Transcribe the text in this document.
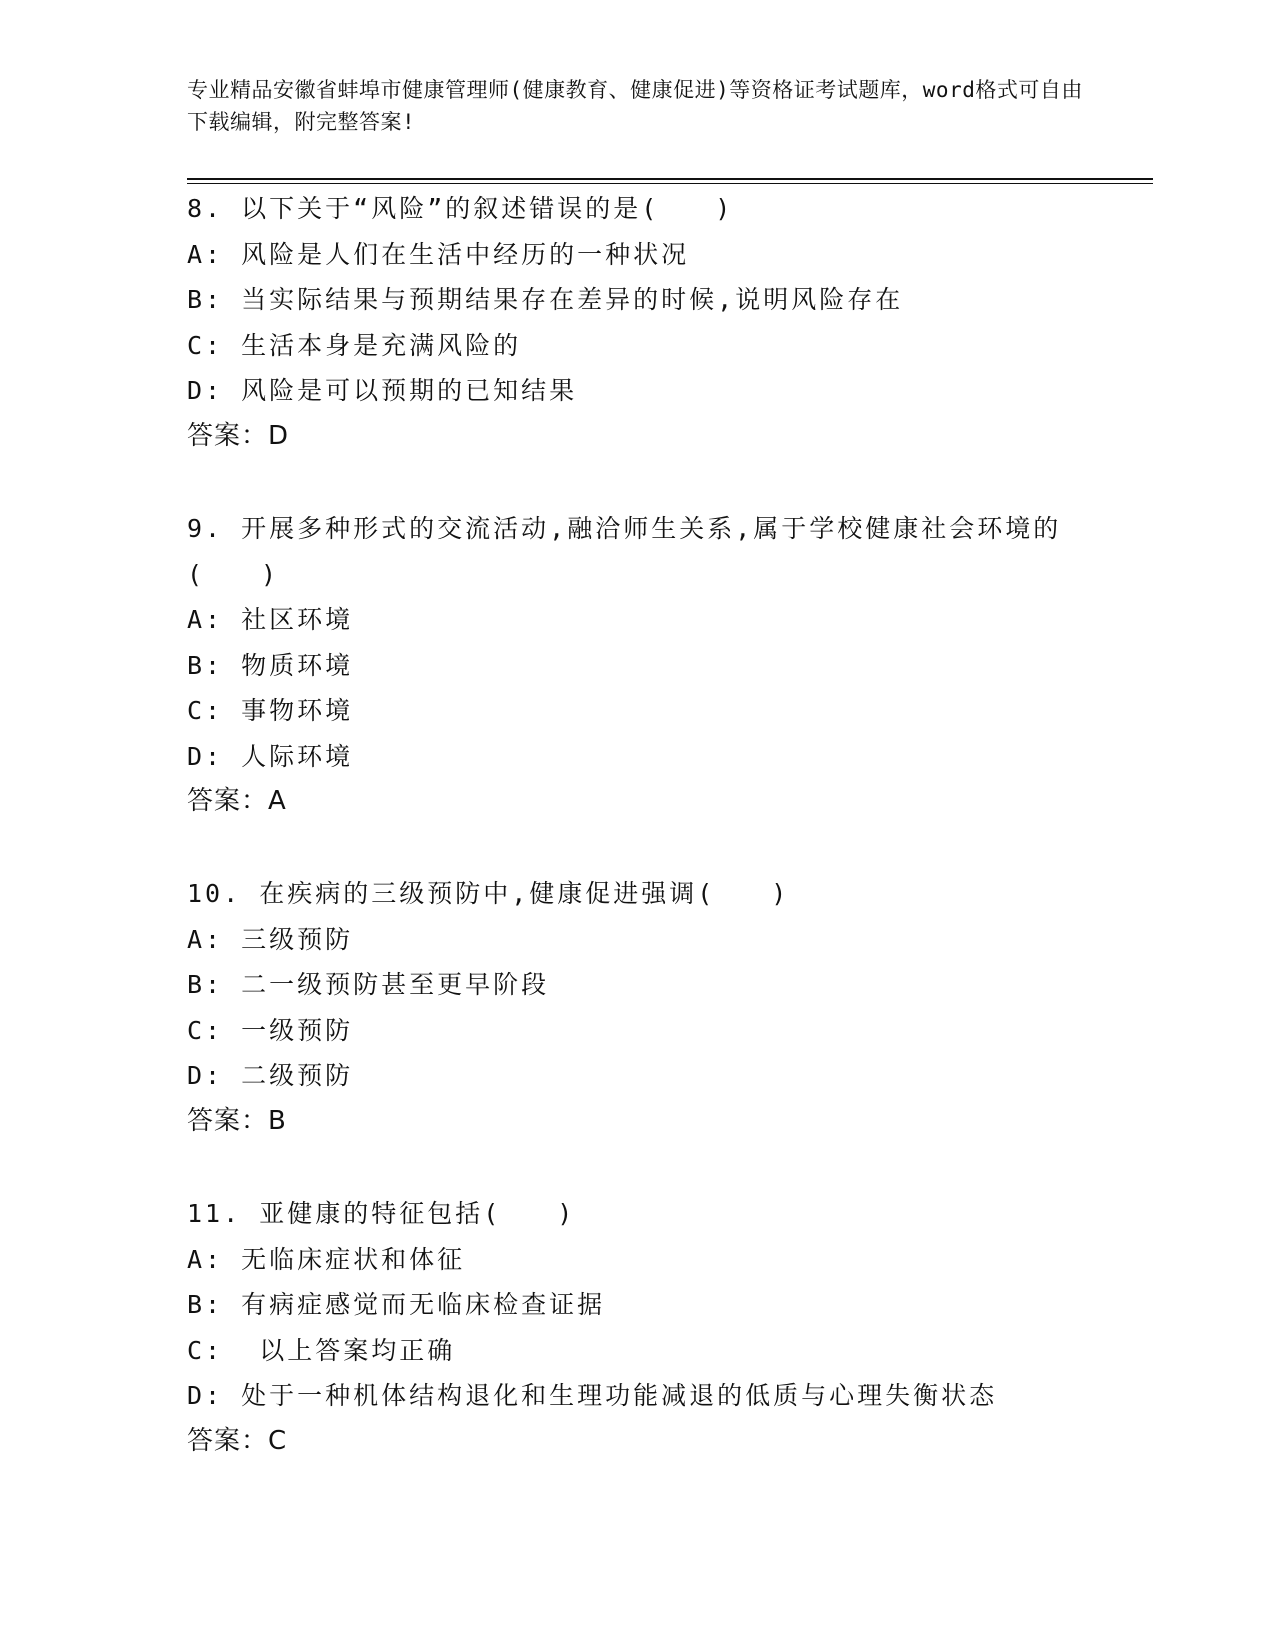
专业精品安徽省蚌埠市健康管理师(健康教育、健康促进)等资格证考试题库，word格式可自由下载编辑，附完整答案!
8. 以下关于“风险”的叙述错误的是(　　)
A: 风险是人们在生活中经历的一种状况
B: 当实际结果与预期结果存在差异的时候,说明风险存在
C: 生活本身是充满风险的
D: 风险是可以预期的已知结果
答案：D
9. 开展多种形式的交流活动,融洽师生关系,属于学校健康社会环境的(　　)
A: 社区环境
B: 物质环境
C: 事物环境
D: 人际环境
答案：A
10. 在疾病的三级预防中,健康促进强调(　　)
A: 三级预防
B: 二一级预防甚至更早阶段
C: 一级预防
D: 二级预防
答案：B
11. 亚健康的特征包括(　　)
A: 无临床症状和体征
B: 有病症感觉而无临床检查证据
C:  以上答案均正确
D: 处于一种机体结构退化和生理功能减退的低质与心理失衡状态
答案：C
